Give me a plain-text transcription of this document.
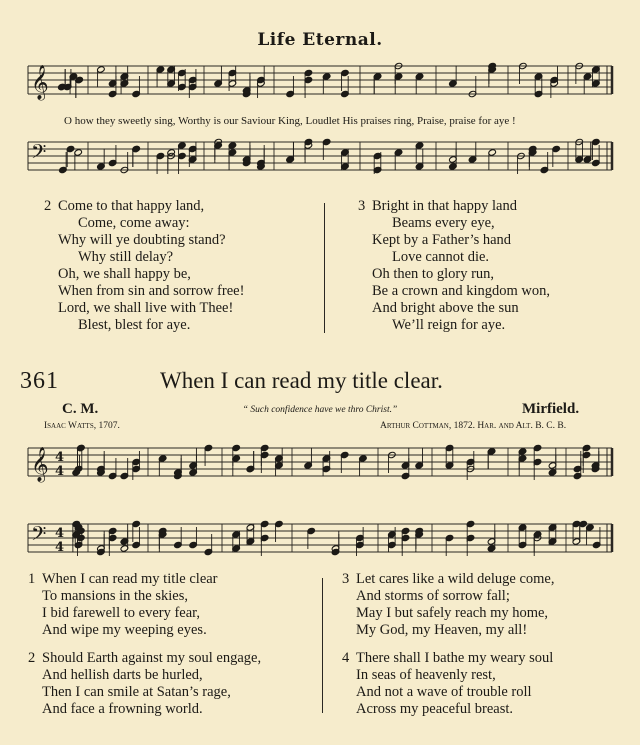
Life Eternal.
𝄞
O how they sweetly sing, Worthy is our Saviour King, Loudlet His praises ring, Praise, praise for aye !
𝄢
2 Come to that happy land,
Come, come away:
Why will ye doubting stand?
Why still delay?
Oh, we shall happy be,
When from sin and sorrow free!
Lord, we shall live with Thee!
Blest, blest for aye.
3 Bright in that happy land
Beams every eye,
Kept by a Father’s hand
Love cannot die.
Oh then to glory run,
Be a crown and kingdom won,
And bright above the sun
We’ll reign for aye.
361	When I can read my title clear.
C. M.	“ Such confidence have we thro Christ.”	Mirfield.
Isaac Watts, 1707.	Arthur Cottman, 1872. Har. and Alt. B. C. B.
𝄞 4
4
𝄢 4
4
1 When I can read my title clear
To mansions in the skies,
I bid farewell to every fear,
And wipe my weeping eyes.
2 Should Earth against my soul engage,
And hellish darts be hurled,
Then I can smile at Satan’s rage,
And face a frowning world.
3 Let cares like a wild deluge come,
And storms of sorrow fall;
May I but safely reach my home,
My God, my Heaven, my all!
4 There shall I bathe my weary soul
In seas of heavenly rest,
And not a wave of trouble roll
Across my peaceful breast.
